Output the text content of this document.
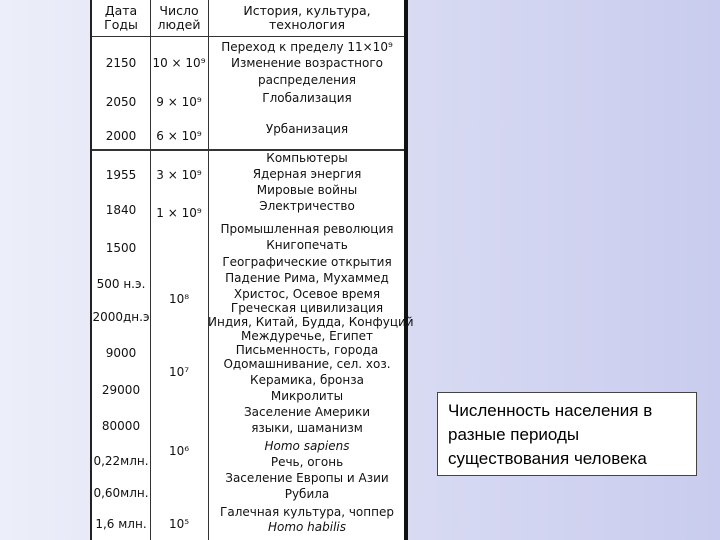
Дата
Годы
Число
людей
История, культура,
технология
2150
2050
2000
1955
1840
1500
500 н.э.
2000дн.э
9000
29000
80000
0,22млн.
0,60млн.
1,6 млн.
10 × 10⁹
9 × 10⁹
6 × 10⁹
3 × 10⁹
1 × 10⁹
10⁸
10⁷
10⁶
10⁵
Переход к пределу 11×10⁹
Изменение возрастного
распределения
Глобализация
Урбанизация
Компьютеры
Ядерная энергия
Мировые войны
Электричество
Промышленная революция
Книгопечать
Географические открытия
Падение Рима, Мухаммед
Христос, Осевое время
Греческая цивилизация
Индия, Китай, Будда, Конфуций
Междуречье, Египет
Письменность, города
Одомашнивание, сел. хоз.
Керамика, бронза
Микролиты
Заселение Америки
языки, шаманизм
Homo sapiens
Речь, огонь
Заселение Европы и Азии
Рубила
Галечная культура, чоппер
Homo habilis
Численность населения в разные периоды существования человека
